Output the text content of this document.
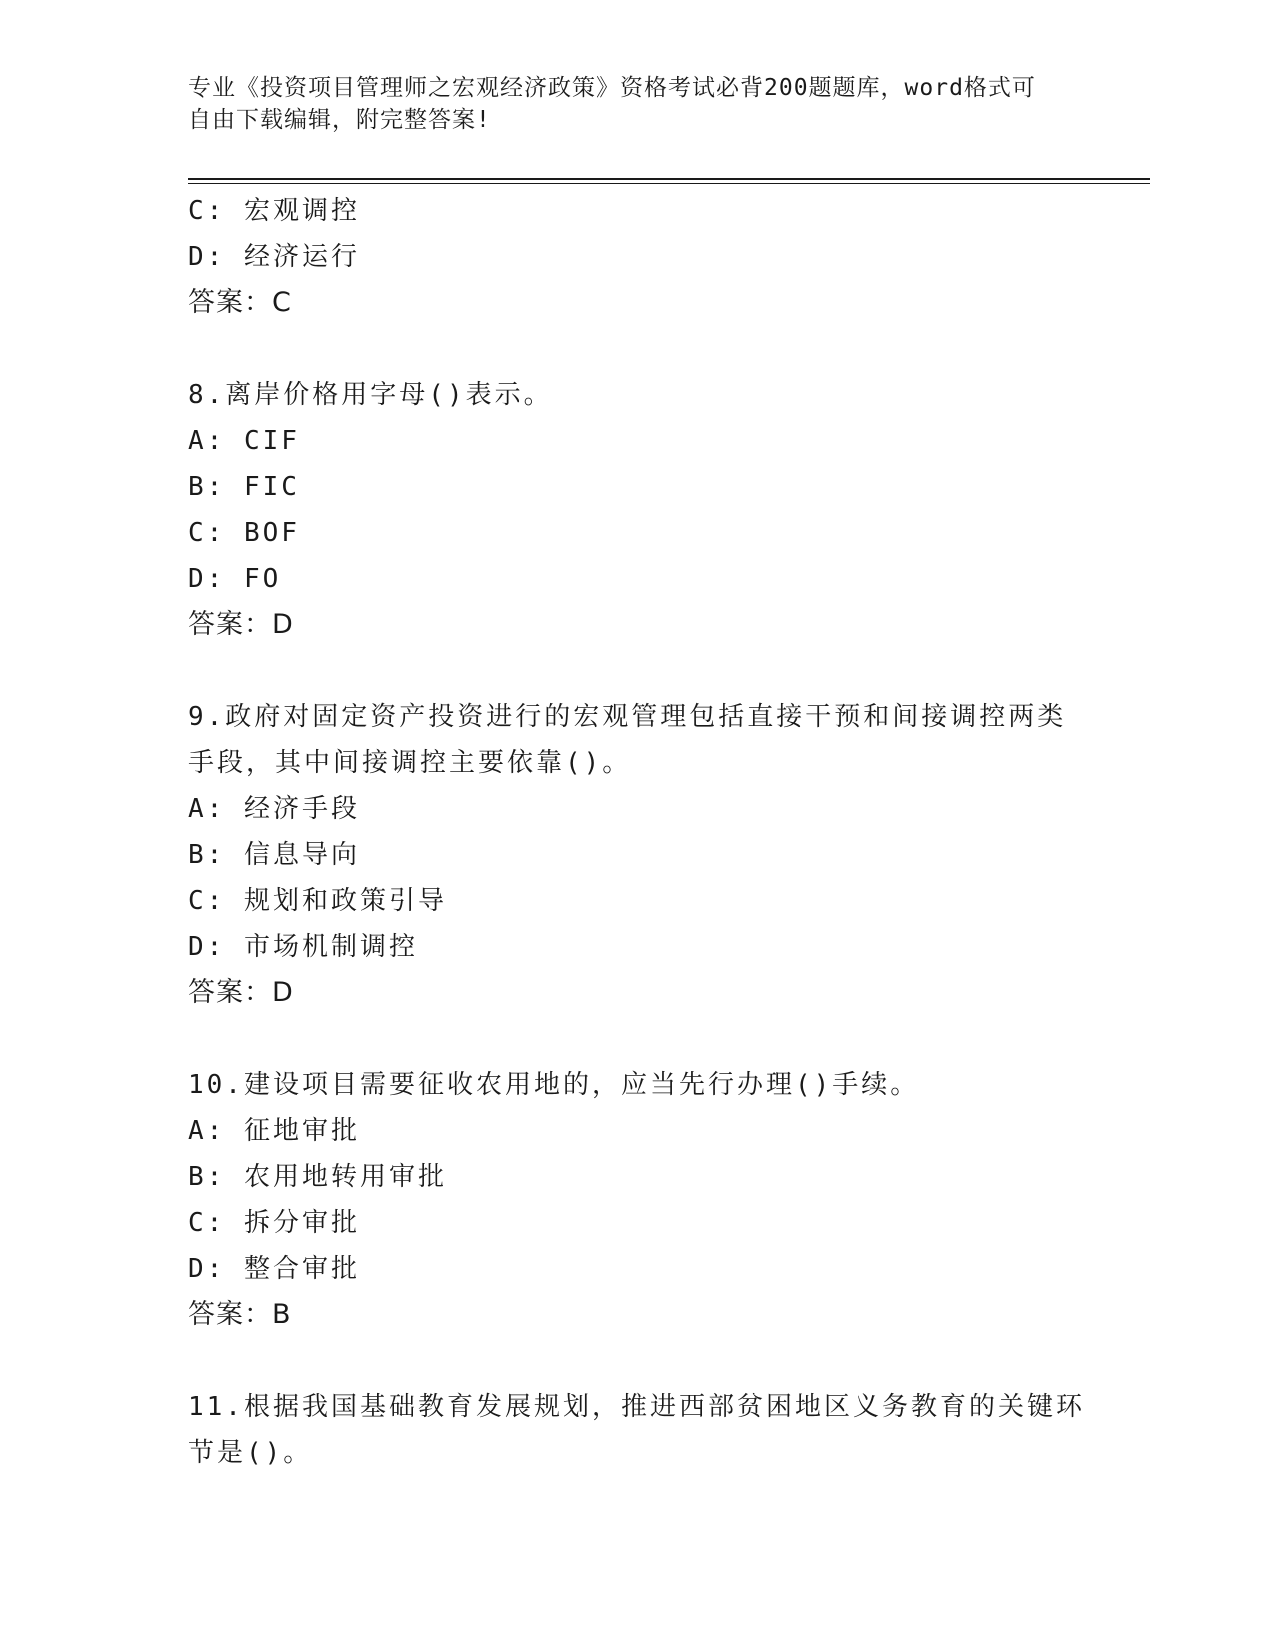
专业《投资项目管理师之宏观经济政策》资格考试必背200题题库，word格式可
自由下载编辑，附完整答案!
C: 宏观调控
D: 经济运行
答案：C
8.离岸价格用字母()表示。
A: CIF
B: FIC
C: BOF
D: FO
答案：D
9.政府对固定资产投资进行的宏观管理包括直接干预和间接调控两类
手段，其中间接调控主要依靠()。
A: 经济手段
B: 信息导向
C: 规划和政策引导
D: 市场机制调控
答案：D
10.建设项目需要征收农用地的，应当先行办理()手续。
A: 征地审批
B: 农用地转用审批
C: 拆分审批
D: 整合审批
答案：B
11.根据我国基础教育发展规划，推进西部贫困地区义务教育的关键环
节是()。
